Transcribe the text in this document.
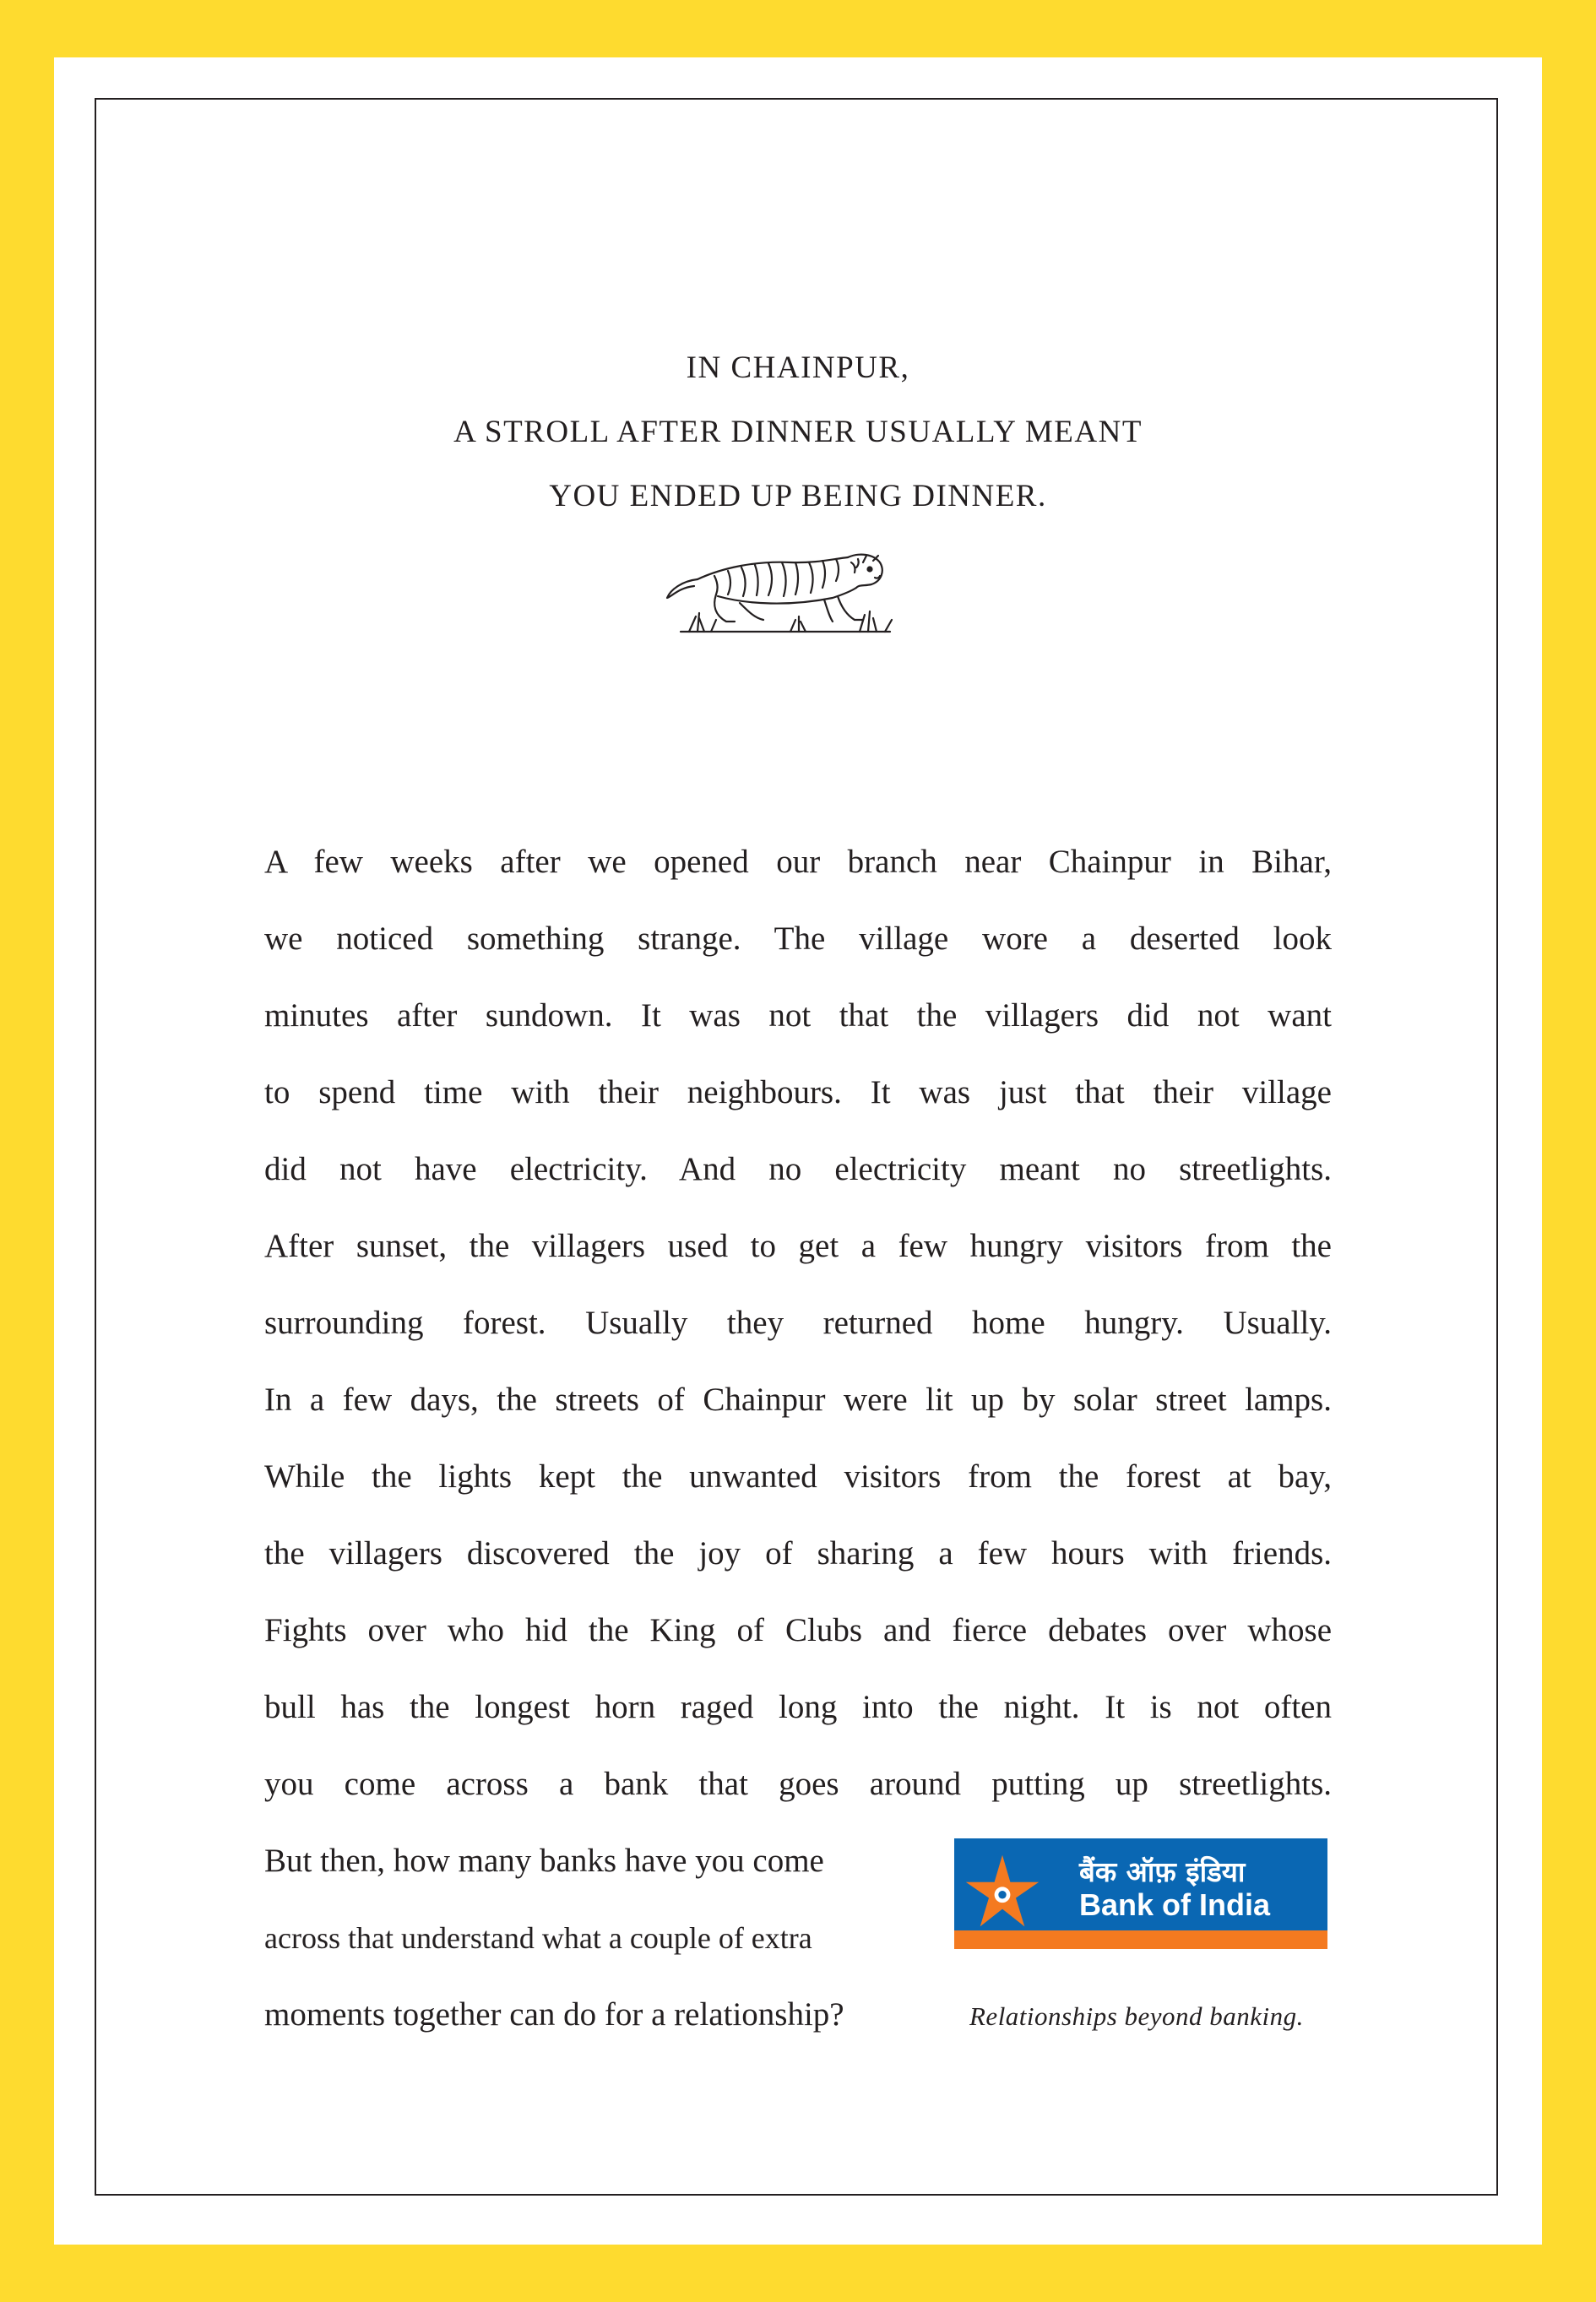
IN CHAINPUR,
A STROLL AFTER DINNER USUALLY MEANT
YOU ENDED UP BEING DINNER.
A few weeks after we opened our branch near Chainpur in Bihar,
we noticed something strange. The village wore a deserted look
minutes after sundown. It was not that the villagers did not want
to spend time with their neighbours. It was just that their village
did not have electricity. And no electricity meant no streetlights.
After sunset, the villagers used to get a few hungry visitors from the
surrounding forest. Usually they returned home hungry. Usually.
In a few days, the streets of Chainpur were lit up by solar street lamps.
While the lights kept the unwanted visitors from the forest at bay,
the villagers discovered the joy of sharing a few hours with friends.
Fights over who hid the King of Clubs and fierce debates over whose
bull has the longest horn raged long into the night. It is not often
you come across a bank that goes around putting up streetlights.
But then, how many banks have you come
across that understand what a couple of extra
moments together can do for a relationship?
बैंक ऑफ़ इंडिया
Bank of India
Relationships beyond banking.
